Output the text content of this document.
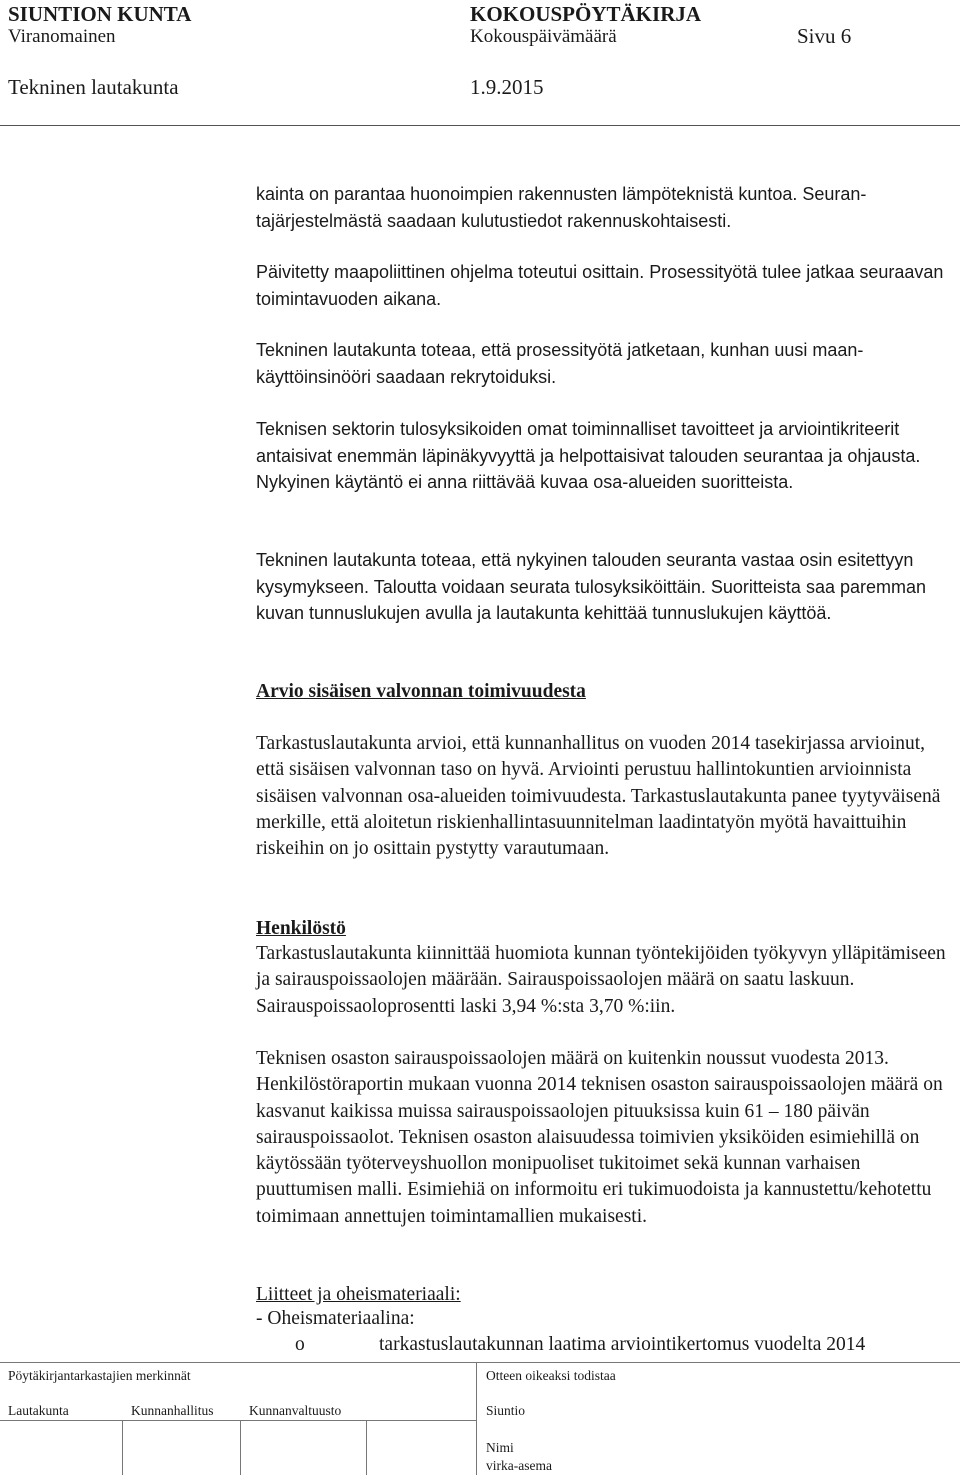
SIUNTION KUNTA	KOKOUSPÖYTÄKIRJA
Viranomainen	Kokouspäivämäärä	Sivu 6
Tekninen lautakunta	1.9.2015

kainta on parantaa huonoimpien rakennusten lämpöteknistä kuntoa. Seurantajärjestelmästä saadaan kulutustiedot rakennuskohtaisesti.

Päivitetty maapoliittinen ohjelma toteutui osittain. Prosessityötä tulee jatkaa seuraavan toimintavuoden aikana.

Tekninen lautakunta toteaa, että prosessityötä jatketaan, kunhan uusi maankäyttöinsinööri saadaan rekrytoiduksi.

Teknisen sektorin tulosyksikoiden omat toiminnalliset tavoitteet ja arviointikriteerit antaisivat enemmän läpinäkyvyyttä ja helpottaisivat talouden seurantaa ja ohjausta. Nykyinen käytäntö ei anna riittävää kuvaa osa-alueiden suoritteista.

Tekninen lautakunta toteaa, että nykyinen talouden seuranta vastaa osin esitettyyn kysymykseen. Taloutta voidaan seurata tulosyksiköittäin. Suoritteista saa paremman kuvan tunnuslukujen avulla ja lautakunta kehittää tunnuslukujen käyttöä.

Arvio sisäisen valvonnan toimivuudesta

Tarkastuslautakunta arvioi, että kunnanhallitus on vuoden 2014 tasekirjassa arvioinut, että sisäisen valvonnan taso on hyvä. Arviointi perustuu hallintokuntien arvioinnista sisäisen valvonnan osa-alueiden toimivuudesta. Tarkastuslautakunta panee tyytyväisenä merkille, että aloitetun riskienhallintasuunnitelman laadintatyön myötä havaittuihin riskeihin on jo osittain pystytty varautumaan.

Henkilöstö

Tarkastuslautakunta kiinnittää huomiota kunnan työntekijöiden työkyvyn ylläpitämiseen ja sairauspoissaolojen määrään. Sairauspoissaolojen määrä on saatu laskuun. Sairauspoissaoloprosentti laski 3,94 %:sta 3,70 %:iin.

Teknisen osaston sairauspoissaolojen määrä on kuitenkin noussut vuodesta 2013. Henkilöstöraportin mukaan vuonna 2014 teknisen osaston sairauspoissaolojen määrä on kasvanut kaikissa muissa sairauspoissaolojen pituuksissa kuin 61 – 180 päivän sairauspoissaolot. Teknisen osaston alaisuudessa toimivien yksiköiden esimiehillä on käytössään työterveyshuollon monipuoliset tukitoimet sekä kunnan varhaisen puuttumisen malli. Esimiehiä on informoitu eri tukimuodoista ja kannustettu/kehotettu toimimaan annettujen toimintamallien mukaisesti.

Liitteet ja oheismateriaali:
- Oheismateriaalina:
o	tarkastuslautakunnan laatima arviointikertomus vuodelta 2014
Pöytäkirjantarkastajien merkinnät	Otteen oikeaksi todistaa
Lautakunta	Kunnanhallitus	Kunnanvaltuusto	Siuntio
Nimi
virka-asema
